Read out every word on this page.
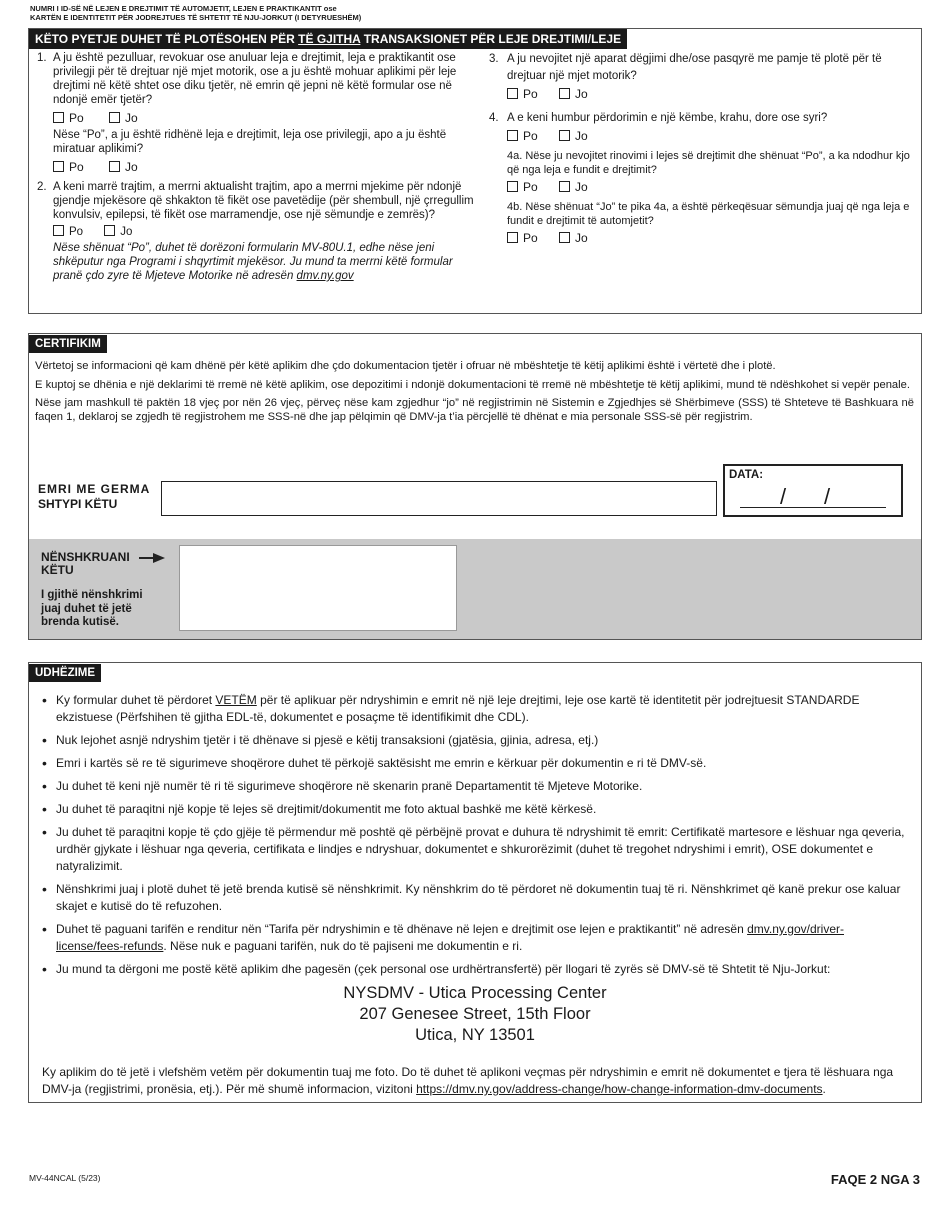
NUMRI I ID-SË NË LEJEN E DREJTIMIT TË AUTOMJETIT, LEJEN E PRAKTIKANTIT ose
KARTËN E IDENTITETIT PËR JODREJTUES TË SHTETIT TË NJU-JORKUT (I DETYRUESHËM)
KËTO PYETJE DUHET TË PLOTËSOHEN PËR TË GJITHA TRANSAKSIONET PËR LEJE DREJTIMI/LEJE
1. A ju është pezulluar, revokuar ose anuluar leja e drejtimit, leja e praktikantit ose privilegji për të drejtuar një mjet motorik, ose a ju është mohuar aplikimi për leje drejtimi në këtë shtet ose diku tjetër, në emrin që jepni në këtë formular ose në ndonjë emër tjetër?
Po	Jo
Nëse “Po”, a ju është ridhënë leja e drejtimit, leja ose privilegji, apo a ju është miratuar aplikimi?
Po	Jo
2. A keni marrë trajtim, a merrni aktualisht trajtim, apo a merrni mjekime për ndonjë gjendje mjekësore që shkakton të fikët ose pavetëdije (për shembull, një çrregullim konvulsiv, epilepsi, të fikët ose marramendje, ose një sëmundje e zemrës)?
Po	Jo
Nëse shënuat “Po”, duhet të dorëzoni formularin MV-80U.1, edhe nëse jeni shkëputur nga Programi i shqyrtimit mjekësor. Ju mund ta merrni këtë formular pranë çdo zyre të Mjeteve Motorike në adresën dmv.ny.gov
3. A ju nevojitet një aparat dëgjimi dhe/ose pasqyrë me pamje të plotë për të drejtuar një mjet motorik?
Po	Jo
4. A e keni humbur përdorimin e një këmbe, krahu, dore ose syri?
Po	Jo
4a. Nëse ju nevojitet rinovimi i lejes së drejtimit dhe shënuat “Po”, a ka ndodhur kjo që nga leja e fundit e drejtimit?
Po	Jo
4b. Nëse shënuat “Jo” te pika 4a, a është përkeqësuar sëmundja juaj që nga leja e fundit e drejtimit të automjetit?
Po	Jo
CERTIFIKIM

Vërtetoj se informacioni që kam dhënë për këtë aplikim dhe çdo dokumentacion tjetër i ofruar në mbështetje të këtij aplikimi është i vërtetë dhe i plotë.

E kuptoj se dhënia e një deklarimi të rremë në këtë aplikim, ose depozitimi i ndonjë dokumentacioni të rremë në mbështetje të këtij aplikimi, mund të ndëshkohet si vepër penale.

Nëse jam mashkull të paktën 18 vjeç por nën 26 vjeç, përveç nëse kam zgjedhur “jo” në regjistrimin në Sistemin e Zgjedhjes së Shërbimeve (SSS) të Shteteve të Bashkuara në faqen 1, deklaroj se zgjedh të regjistrohem me SSS-në dhe jap pëlqimin që DMV-ja t’ia përcjellë të dhënat e mia personale SSS-së për regjistrim.

EMRI ME GERMA
SHTYPI KËTU
DATA:
/ /
NËNSHKRUANI
KËTU
I gjithë nënshkrimi juaj duhet të jetë brenda kutisë.
UDHËZIME
• Ky formular duhet të përdoret VETËM për të aplikuar për ndryshimin e emrit në një leje drejtimi, leje ose kartë të identitetit për jodrejtuesit STANDARDE ekzistuese (Përfshihen të gjitha EDL-të, dokumentet e posaçme të identifikimit dhe CDL).
• Nuk lejohet asnjë ndryshim tjetër i të dhënave si pjesë e këtij transaksioni (gjatësia, gjinia, adresa, etj.)
• Emri i kartës së re të sigurimeve shoqërore duhet të përkojë saktësisht me emrin e kërkuar për dokumentin e ri të DMV-së.
• Ju duhet të keni një numër të ri të sigurimeve shoqërore në skenarin pranë Departamentit të Mjeteve Motorike.
• Ju duhet të paraqitni një kopje të lejes së drejtimit/dokumentit me foto aktual bashkë me këtë kërkesë.
• Ju duhet të paraqitni kopje të çdo gjëje të përmendur më poshtë që përbëjnë provat e duhura të ndryshimit të emrit: Certifikatë martesore e lëshuar nga qeveria, urdhër gjykate i lëshuar nga qeveria, certifikata e lindjes e ndryshuar, dokumentet e shkurorëzimit (duhet të tregohet ndryshimi i emrit), OSE dokumentet e natyralizimit.
• Nënshkrimi juaj i plotë duhet të jetë brenda kutisë së nënshkrimit. Ky nënshkrim do të përdoret në dokumentin tuaj të ri. Nënshkrimet që kanë prekur ose kaluar skajet e kutisë do të refuzohen.
• Duhet të paguani tarifën e renditur nën “Tarifa për ndryshimin e të dhënave në lejen e drejtimit ose lejen e praktikantit” në adresën dmv.ny.gov/driver-license/fees-refunds. Nëse nuk e paguani tarifën, nuk do të pajiseni me dokumentin e ri.
• Ju mund ta dërgoni me postë këtë aplikim dhe pagesën (çek personal ose urdhërtransfertë) për llogari të zyrës së DMV-së të Shtetit të Nju-Jorkut:
NYSDMV - Utica Processing Center
207 Genesee Street, 15th Floor
Utica, NY 13501
Ky aplikim do të jetë i vlefshëm vetëm për dokumentin tuaj me foto. Do të duhet të aplikoni veçmas për ndryshimin e emrit në dokumentet e tjera të lëshuara nga DMV-ja (regjistrimi, pronësia, etj.). Për më shumë informacion, vizitoni https://dmv.ny.gov/address-change/how-change-information-dmv-documents.
MV-44NCAL (5/23)	FAQE 2 NGA 3
